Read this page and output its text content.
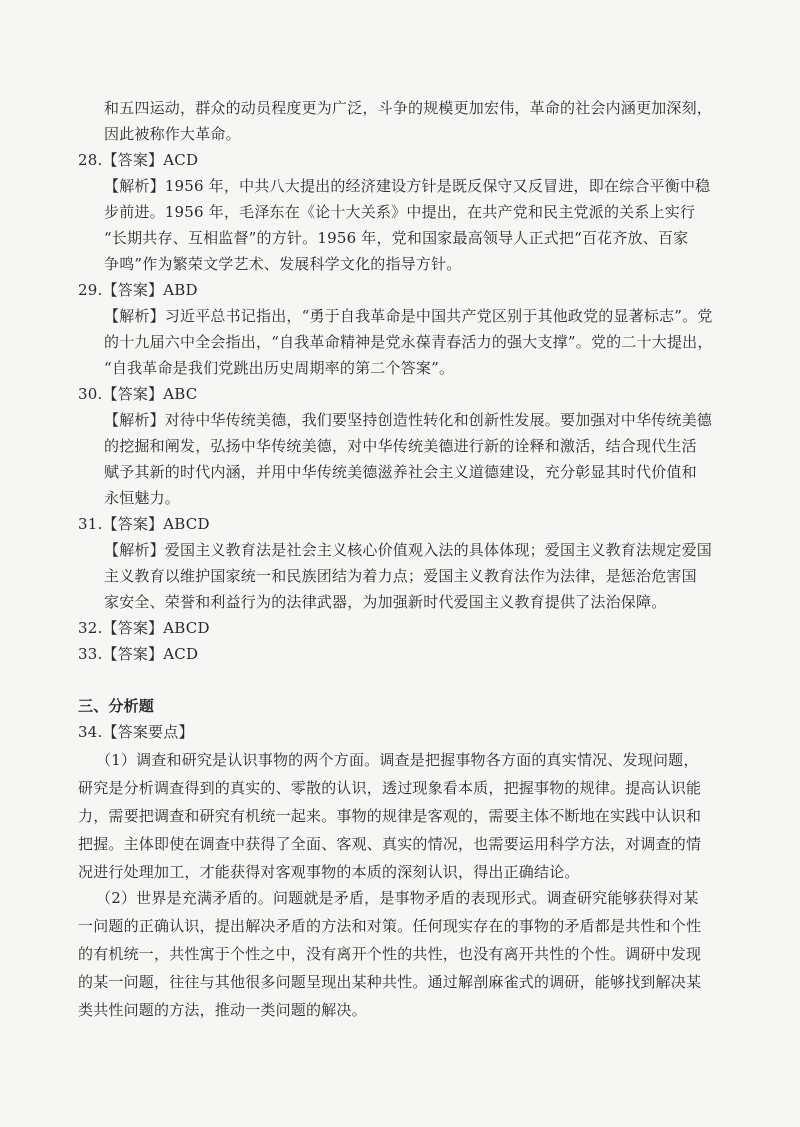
和五四运动，群众的动员程度更为广泛，斗争的规模更加宏伟，革命的社会内涵更加深刻，
因此被称作大革命。
28.【答案】ACD
【解析】1956 年，中共八大提出的经济建设方针是既反保守又反冒进，即在综合平衡中稳
步前进。1956 年，毛泽东在《论十大关系》中提出，在共产党和民主党派的关系上实行
“长期共存、互相监督”的方针。1956 年，党和国家最高领导人正式把“百花齐放、百家
争鸣”作为繁荣文学艺术、发展科学文化的指导方针。
29.【答案】ABD
【解析】习近平总书记指出，“勇于自我革命是中国共产党区别于其他政党的显著标志”。党
的十九届六中全会指出，“自我革命精神是党永葆青春活力的强大支撑”。党的二十大提出，
“自我革命是我们党跳出历史周期率的第二个答案”。
30.【答案】ABC
【解析】对待中华传统美德，我们要坚持创造性转化和创新性发展。要加强对中华传统美德
的挖掘和阐发，弘扬中华传统美德，对中华传统美德进行新的诠释和激活，结合现代生活
赋予其新的时代内涵，并用中华传统美德滋养社会主义道德建设，充分彰显其时代价值和
永恒魅力。
31.【答案】ABCD
【解析】爱国主义教育法是社会主义核心价值观入法的具体体现；爱国主义教育法规定爱国
主义教育以维护国家统一和民族团结为着力点；爱国主义教育法作为法律，是惩治危害国
家安全、荣誉和利益行为的法律武器，为加强新时代爱国主义教育提供了法治保障。
32.【答案】ABCD
33.【答案】ACD
三、分析题
34.【答案要点】
（1）调查和研究是认识事物的两个方面。调查是把握事物各方面的真实情况、发现问题，
研究是分析调查得到的真实的、零散的认识，透过现象看本质，把握事物的规律。提高认识能
力，需要把调查和研究有机统一起来。事物的规律是客观的，需要主体不断地在实践中认识和
把握。主体即使在调查中获得了全面、客观、真实的情况，也需要运用科学方法，对调查的情
况进行处理加工，才能获得对客观事物的本质的深刻认识，得出正确结论。
（2）世界是充满矛盾的。问题就是矛盾，是事物矛盾的表现形式。调查研究能够获得对某
一问题的正确认识，提出解决矛盾的方法和对策。任何现实存在的事物的矛盾都是共性和个性
的有机统一，共性寓于个性之中，没有离开个性的共性，也没有离开共性的个性。调研中发现
的某一问题，往往与其他很多问题呈现出某种共性。通过解剖麻雀式的调研，能够找到解决某
类共性问题的方法，推动一类问题的解决。
